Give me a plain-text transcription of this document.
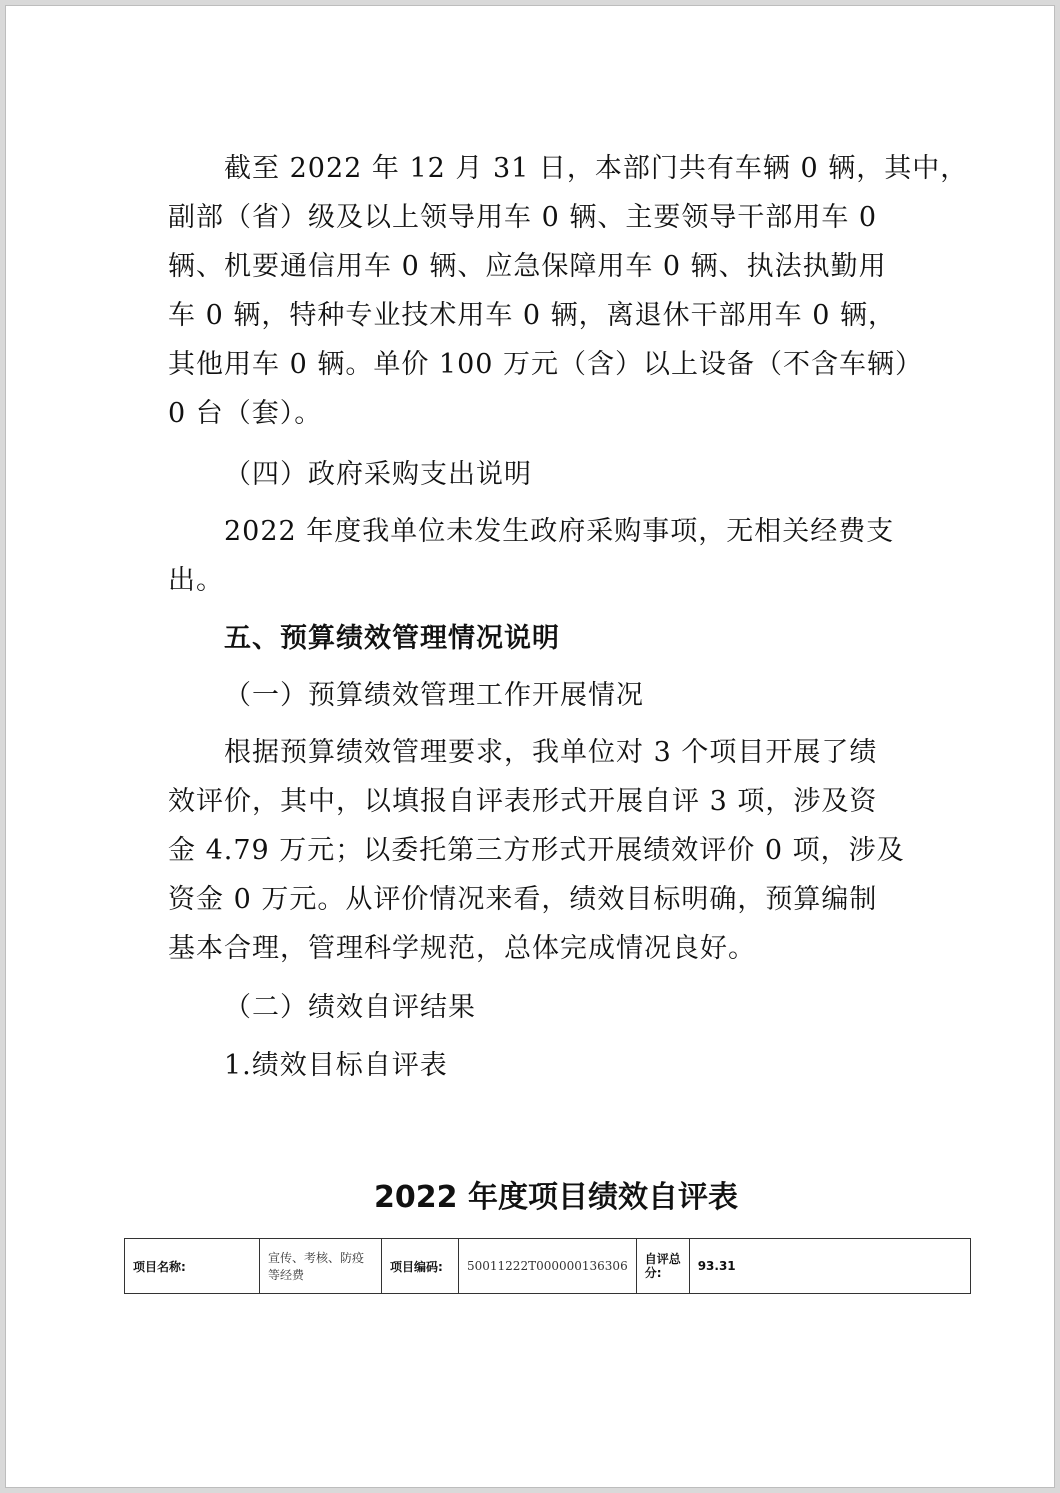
截至 2022 年 12 月 31 日，本部门共有车辆 0 辆，其中，
副部（省）级及以上领导用车 0 辆、主要领导干部用车 0
辆、机要通信用车 0 辆、应急保障用车 0 辆、执法执勤用
车 0 辆，特种专业技术用车 0 辆，离退休干部用车 0 辆，
其他用车 0 辆。单价 100 万元（含）以上设备（不含车辆）
0 台（套）。
（四）政府采购支出说明
2022 年度我单位未发生政府采购事项，无相关经费支
出。
五、预算绩效管理情况说明
（一）预算绩效管理工作开展情况
根据预算绩效管理要求，我单位对 3 个项目开展了绩
效评价，其中，以填报自评表形式开展自评 3 项，涉及资
金 4.79 万元；以委托第三方形式开展绩效评价 0 项，涉及
资金 0 万元。从评价情况来看，绩效目标明确，预算编制
基本合理，管理科学规范，总体完成情况良好。
（二）绩效自评结果
1.绩效目标自评表
2022 年度项目绩效自评表
项目名称:	宣传、考核、防疫等经费	项目编码:	50011222T000000136306	自评总分:	93.31
